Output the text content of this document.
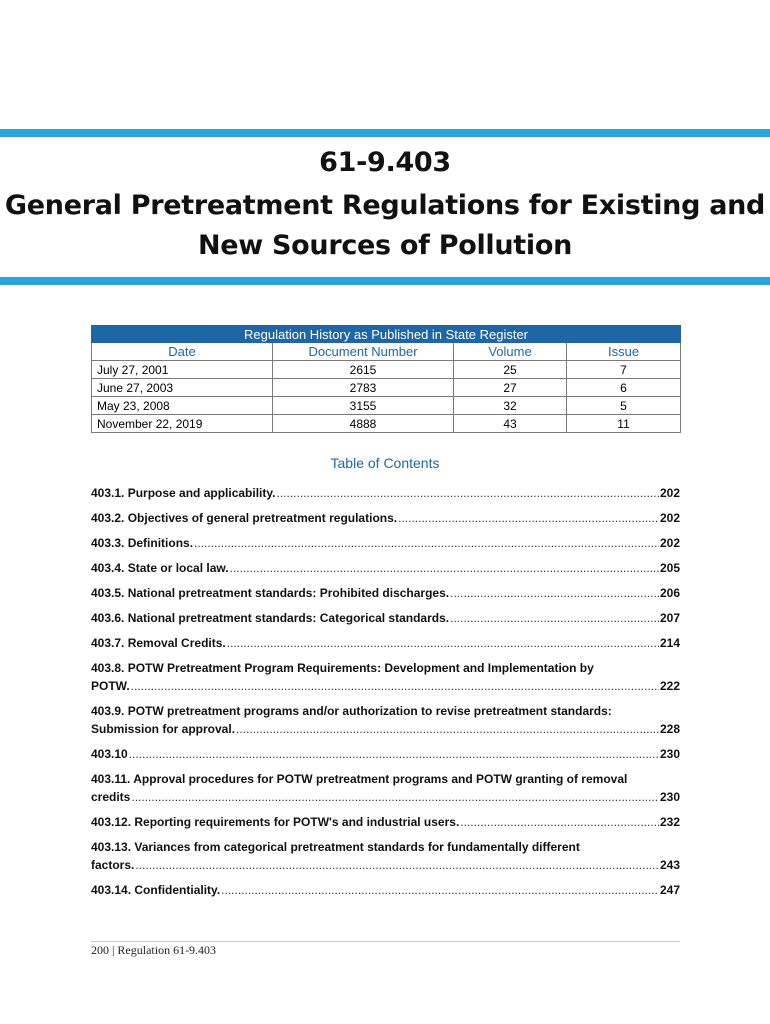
61-9.403
General Pretreatment Regulations for Existing and
New Sources of Pollution
Regulation History as Published in State Register			
Date	Document Number	Volume	Issue
July 27, 2001	2615	25	7
June 27, 2003	2783	27	6
May 23, 2008	3155	32	5
November 22, 2019	4888	43	11
Table of Contents
403.1. Purpose and applicability. .....	202
403.2. Objectives of general pretreatment regulations. .....	202
403.3. Definitions. .....	202
403.4. State or local law. .....	205
403.5. National pretreatment standards: Prohibited discharges. .....	206
403.6. National pretreatment standards: Categorical standards. .....	207
403.7. Removal Credits. .....	214
403.8. POTW Pretreatment Program Requirements: Development and Implementation by
POTW. .....	222
403.9. POTW pretreatment programs and/or authorization to revise pretreatment standards:
Submission for approval. .....	228
403.10 .....	230
403.11. Approval procedures for POTW pretreatment programs and POTW granting of removal
credits .....	230
403.12. Reporting requirements for POTW's and industrial users. .....	232
403.13. Variances from categorical pretreatment standards for fundamentally different
factors. .....	243
403.14. Confidentiality. .....	247
200 | Regulation 61-9.403
